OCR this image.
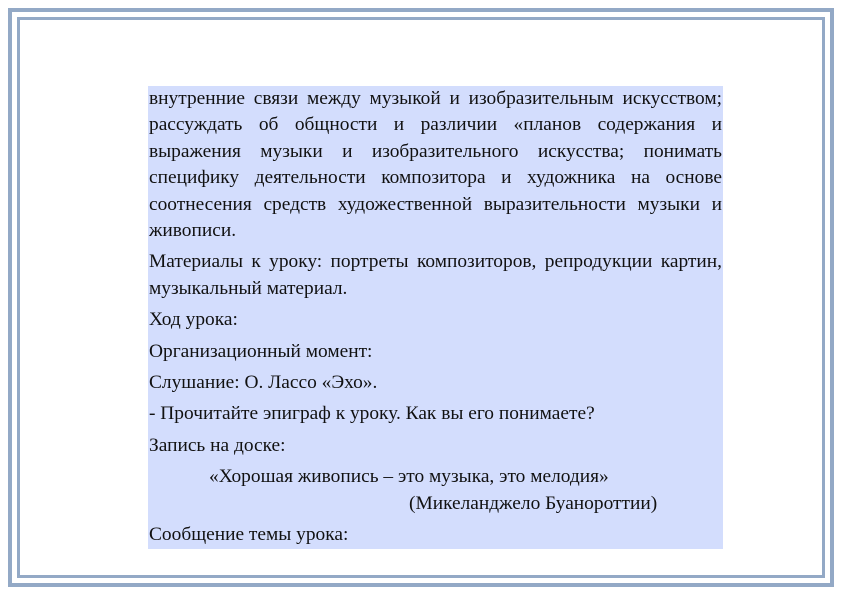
внутренние связи между музыкой и изобразительным искусством; рассуждать об общности и различии «планов содержания и выражения музыки и изобразительного искусства; понимать специфику деятельности композитора и художника на основе соотнесения средств художественной выразительности музыки и живописи.

Материалы к уроку: портреты композиторов, репродукции картин, музыкальный материал.

Ход урока:

Организационный момент:

Слушание: О. Лассо «Эхо».

- Прочитайте эпиграф к уроку. Как вы его понимаете?

Запись на доске:

«Хорошая живопись – это музыка, это мелодия»

(Микеланджело Буанороттии)

Сообщение темы урока:
